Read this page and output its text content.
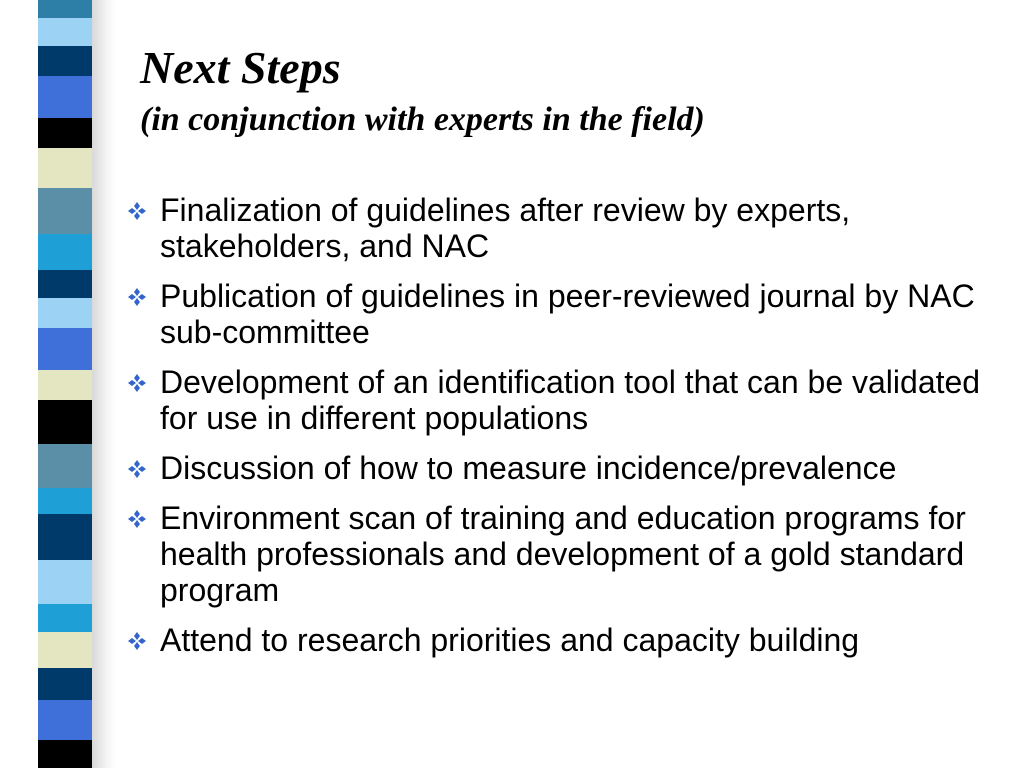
Next Steps
(in conjunction with experts in the field)
Finalization of guidelines after review by experts, stakeholders, and NAC
Publication of guidelines in peer-reviewed journal by NAC sub-committee
Development of an identification tool that can be validated for use in different populations
Discussion of how to measure incidence/prevalence
Environment scan of training and education programs for health professionals and development of a gold standard program
Attend to research priorities and capacity building
